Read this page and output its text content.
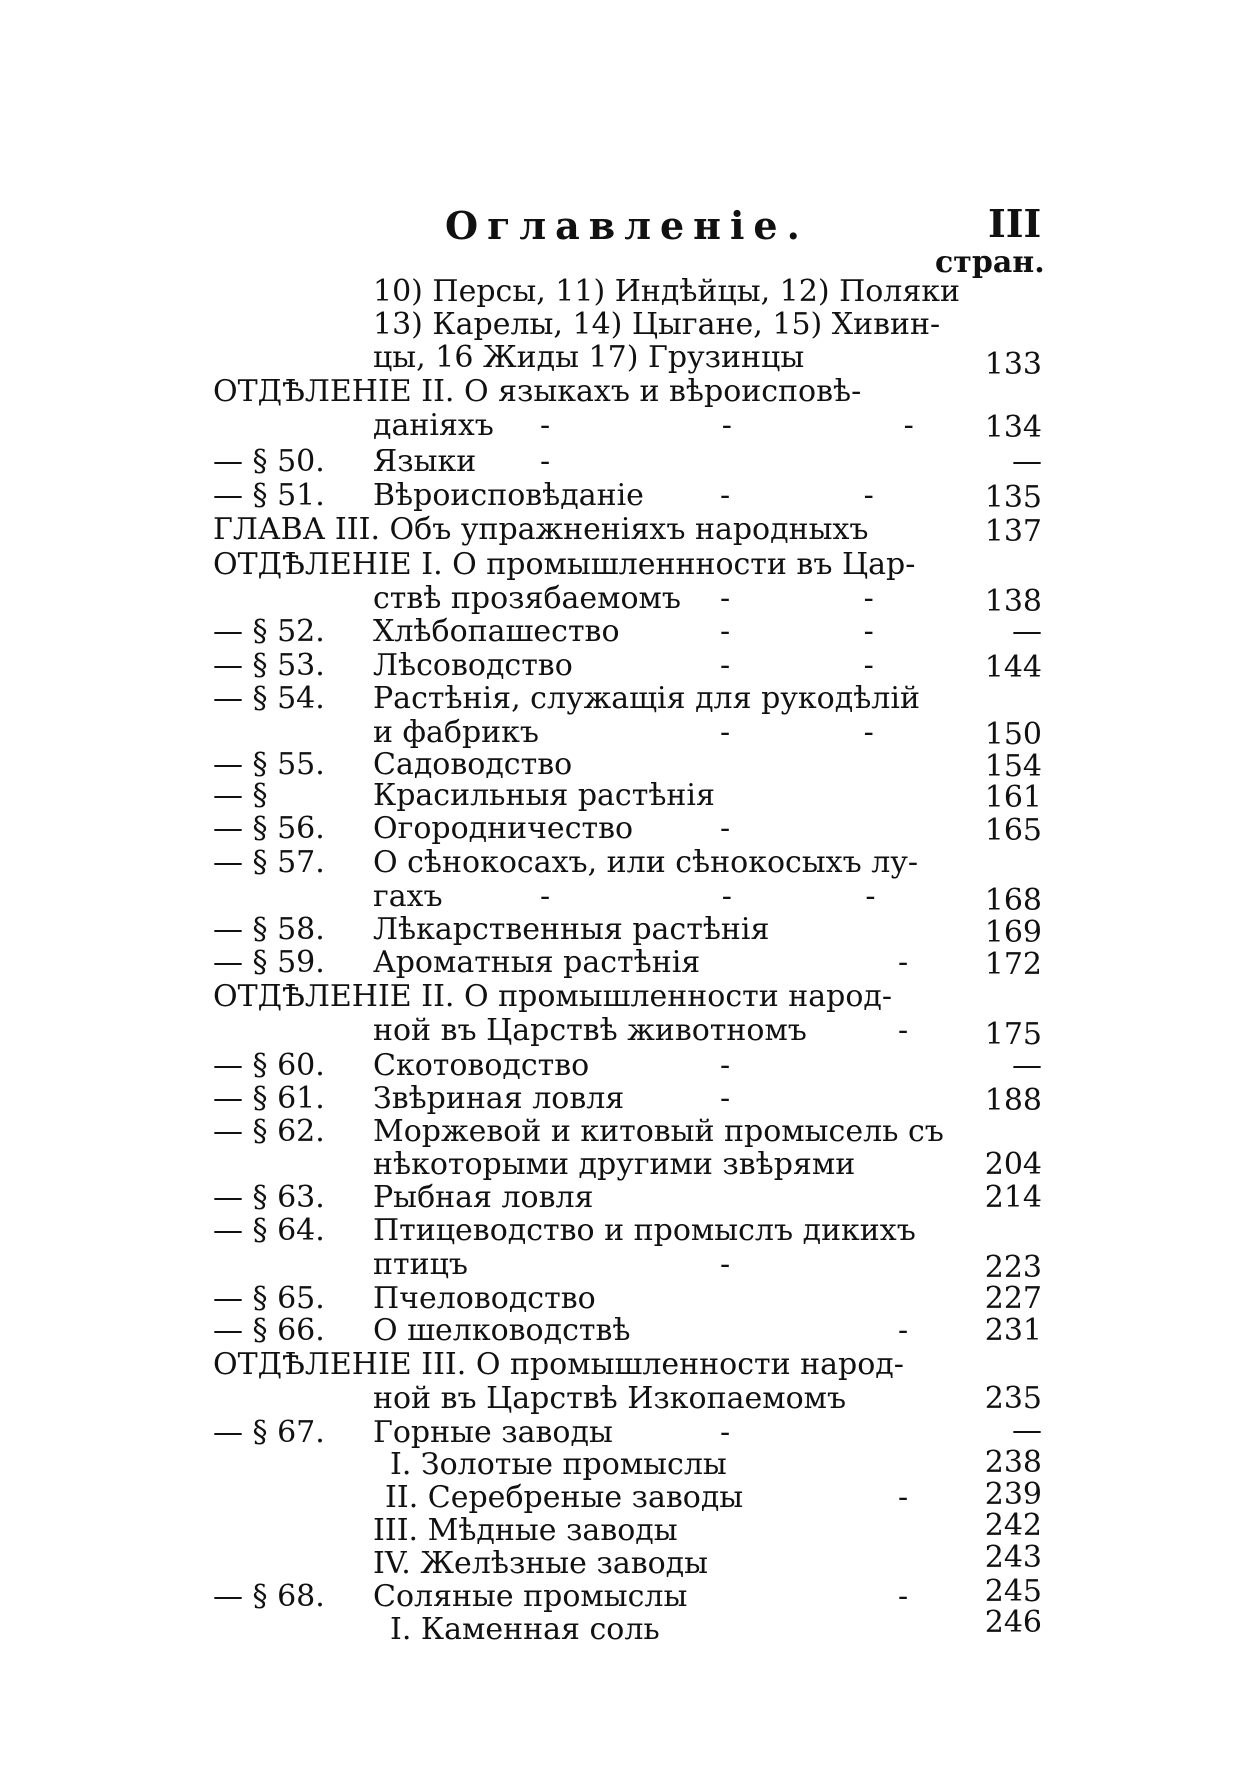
Оглавленіе.	III
стран.
10) Персы, 11) Индѣйцы, 12) Поляки
13) Карелы, 14) Цыгане, 15) Хивин-
цы, 16 Жиды 17) Грузинцы	133
ОТДѢЛЕНІЕ II. О языкахъ и вѣроисповѣ-
даніяхъ -                  -                  -	134
— § 50. Языки	—
— § 51. Вѣроисповѣданіе	135
ГЛАВА III. Объ упражненіяхъ народныхъ	137
ОТДѢЛЕНІЕ I. О промышленнности въ Цар-
ствѣ прозябаемомъ	138
— § 52. Хлѣбопашество	—
— § 53. Лѣсоводство	144
— § 54. Растѣнія, служащія для рукодѣлій
и фабрикъ	150
— § 55. Садоводство	154
— §	Красильныя растѣнія	161
— § 56. Огородничество	165
— § 57. О сѣнокосахъ, или сѣнокосыхъ лу-
гахъ	168
— § 58. Лѣкарственныя растѣнія	169
— § 59. Ароматныя растѣнія	172
ОТДѢЛЕНІЕ II. О промышленности народ-
ной въ Царствѣ животномъ	175
— § 60. Скотоводство	—
— § 61. Звѣриная ловля	188
— § 62. Моржевой и китовый промысель съ
нѣкоторыми другими звѣрями	204
— § 63. Рыбная ловля	214
— § 64. Птицеводство и промыслъ дикихъ
птицъ	223
— § 65. Пчеловодство	227
— § 66. О шелководствѣ	231
ОТДѢЛЕНІЕ III. О промышленности народ-
ной въ Царствѣ Изкопаемомъ	235
— § 67. Горные заводы	—
I. Золотые промыслы	238
II. Серебреные заводы	239
III. Мѣдные заводы	242
IV. Желѣзные заводы	243
— § 68. Соляные промыслы	245
I. Каменная соль	246
-
-              -
-              -
-              -
-              -
-              -
-
-                  -              -
-
-
-
-
-
-
-
-
-
